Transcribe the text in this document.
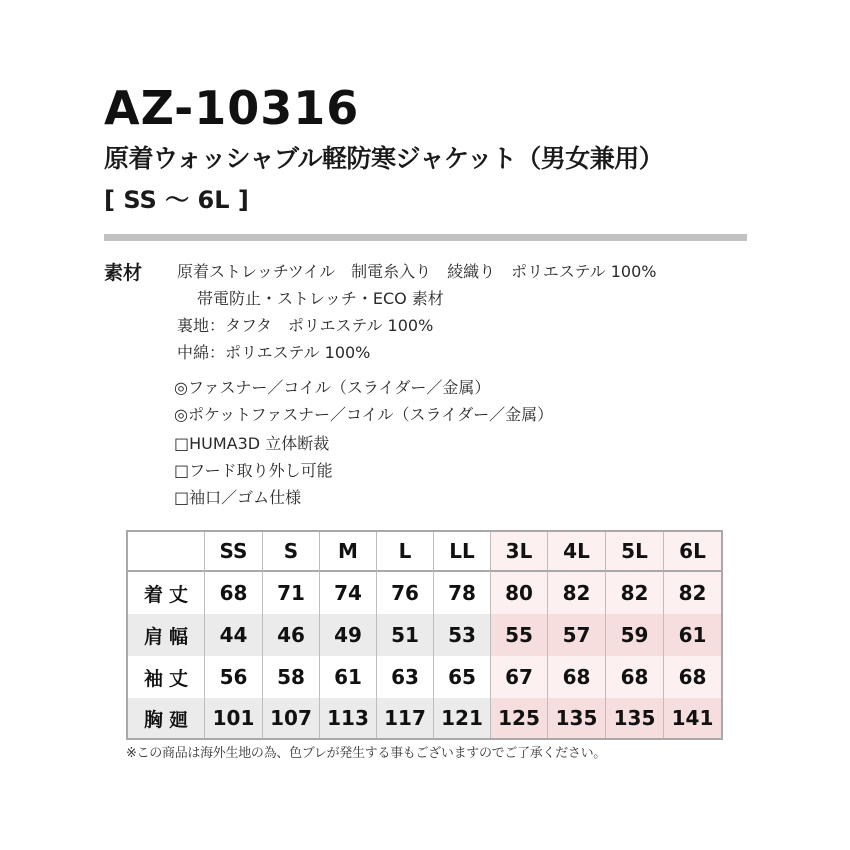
AZ-10316
原着ウォッシャブル軽防寒ジャケット（男女兼用）
[ SS 〜 6L ]
素材 原着ストレッチツイル　制電糸入り　綾織り　ポリエステル 100%

帯電防止・ストレッチ・ECO 素材

裏地：タフタ　ポリエステル 100%

中綿：ポリエステル 100%

◎ファスナー／コイル（スライダー／金属）

◎ポケットファスナー／コイル（スライダー／金属）

□HUMA3D 立体断裁

□フード取り外し可能

□袖口／ゴム仕様

SS	S	M	L	LL	3L	4L	5L	6L
着丈	68	71	74	76	78	80	82	82	82
肩幅	44	46	49	51	53	55	57	59	61
袖丈	56	58	61	63	65	67	68	68	68
胸廻 101 107 113 117 121 125 135 135 141

※この商品は海外生地の為、色ブレが発生する事もございますのでご了承ください。
